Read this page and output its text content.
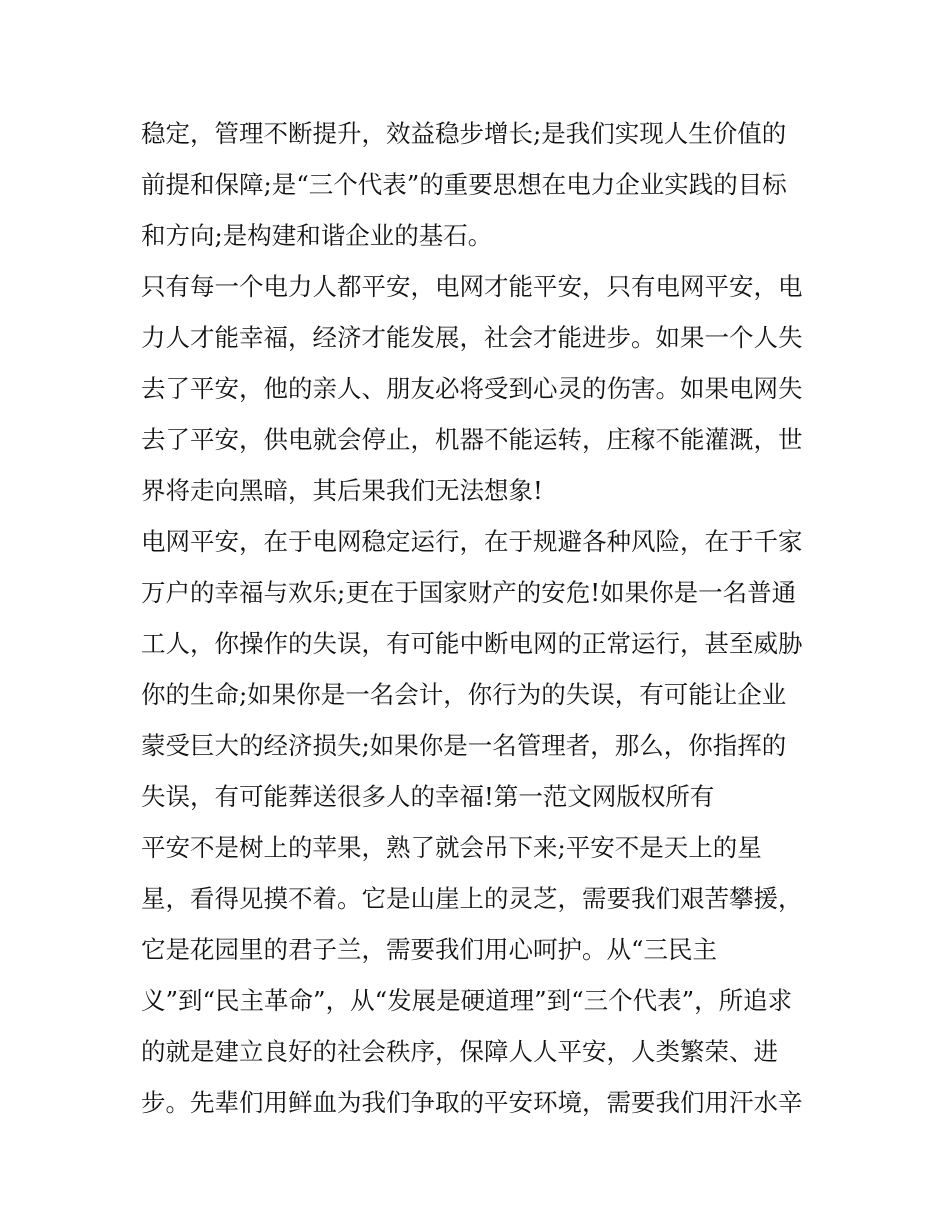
稳定，管理不断提升，效益稳步增长;是我们实现人生价值的
前提和保障;是“三个代表”的重要思想在电力企业实践的目标
和方向;是构建和谐企业的基石。
只有每一个电力人都平安，电网才能平安，只有电网平安，电
力人才能幸福，经济才能发展，社会才能进步。如果一个人失
去了平安，他的亲人、朋友必将受到心灵的伤害。如果电网失
去了平安，供电就会停止，机器不能运转，庄稼不能灌溉，世
界将走向黑暗，其后果我们无法想象!
电网平安，在于电网稳定运行，在于规避各种风险，在于千家
万户的幸福与欢乐;更在于国家财产的安危!如果你是一名普通
工人，你操作的失误，有可能中断电网的正常运行，甚至威胁
你的生命;如果你是一名会计，你行为的失误，有可能让企业
蒙受巨大的经济损失;如果你是一名管理者，那么，你指挥的
失误，有可能葬送很多人的幸福!第一范文网版权所有
平安不是树上的苹果，熟了就会吊下来;平安不是天上的星
星，看得见摸不着。它是山崖上的灵芝，需要我们艰苦攀援，
它是花园里的君子兰，需要我们用心呵护。从“三民主
义”到“民主革命”，从“发展是硬道理”到“三个代表”，所追求
的就是建立良好的社会秩序，保障人人平安，人类繁荣、进
步。先辈们用鲜血为我们争取的平安环境，需要我们用汗水辛
